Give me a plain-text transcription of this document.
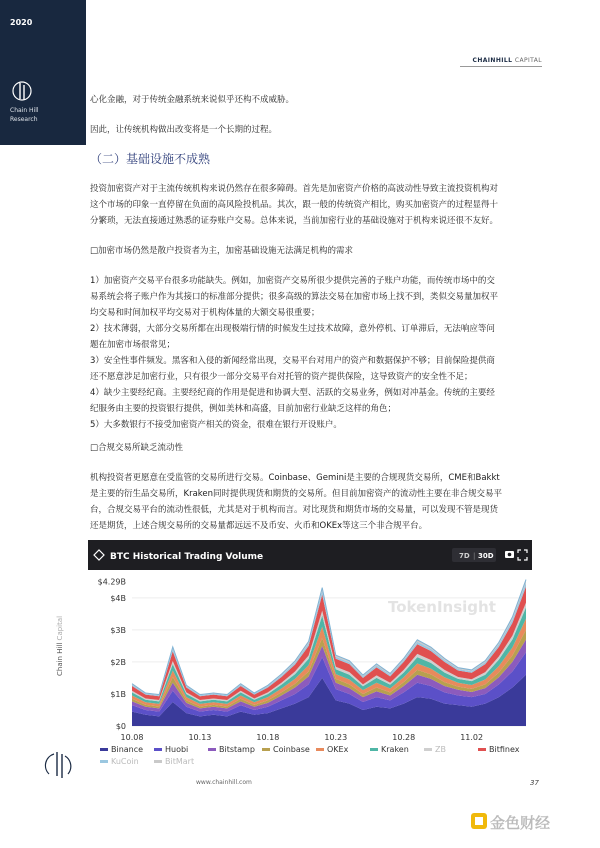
2020
Chain Hill
Research
CHAINHILL CAPITAL

心化金融，对于传统金融系统来说似乎还构不成威胁。

因此，让传统机构做出改变将是一个长期的过程。

（二）基础设施不成熟

投资加密资产对于主流传统机构来说仍然存在很多障碍。首先是加密资产价格的高波动性导致主流投资机构对
这个市场的印象一直停留在负面的高风险投机品。其次，跟一般的传统资产相比，购买加密资产的过程显得十
分繁琐，无法直接通过熟悉的证券账户交易。总体来说，当前加密行业的基础设施对于机构来说还很不友好。

□加密市场仍然是散户投资者为主，加密基础设施无法满足机构的需求

1）加密资产交易平台很多功能缺失。例如，加密资产交易所很少提供完善的子账户功能，而传统市场中的交
易系统会将子账户作为其接口的标准部分提供；很多高级的算法交易在加密市场上找不到，类似交易量加权平
均交易和时间加权平均交易对于机构体量的大额交易很重要；
2）技术薄弱，大部分交易所都在出现极端行情的时候发生过技术故障，意外停机、订单滞后，无法响应等问
题在加密市场很常见；
3）安全性事件频发。黑客和入侵的新闻经常出现，交易平台对用户的资产和数据保护不够；目前保险提供商
还不愿意涉足加密行业，只有很少一部分交易平台对托管的资产提供保险，这导致资产的安全性不足；
4）缺少主要经纪商。主要经纪商的作用是促进和协调大型、活跃的交易业务，例如对冲基金。传统的主要经
纪服务由主要的投资银行提供，例如美林和高盛，目前加密行业缺乏这样的角色；
5）大多数银行不接受加密资产相关的资金，很难在银行开设账户。

□合规交易所缺乏流动性

机构投资者更愿意在受监管的交易所进行交易。Coinbase、Gemini是主要的合规现货交易所，CME和Bakkt
是主要的衍生品交易所，Kraken同时提供现货和期货的交易所。但目前加密资产的流动性主要在非合规交易平
台，合规交易平台的流动性很低，尤其是对于机构而言。对比现货和期货市场的交易量，可以发现不管是现货
还是期货，上述合规交易所的交易量都远远不及币安、火币和OKEx等这三个非合规平台。

BTC Historical Trading Volume	7D | 30D
TokenInsight
$0
$1B
$2B
$3B
$4B
$4.29B
10.08	10.13	10.18	10.23	10.28	11.02
Binance	Huobi	Bitstamp Coinbase OKEx	Kraken	ZB	Bitfinex
KuCoin	BitMart
Chain Hill Capital
www.chainhill.com	37
金色财经
